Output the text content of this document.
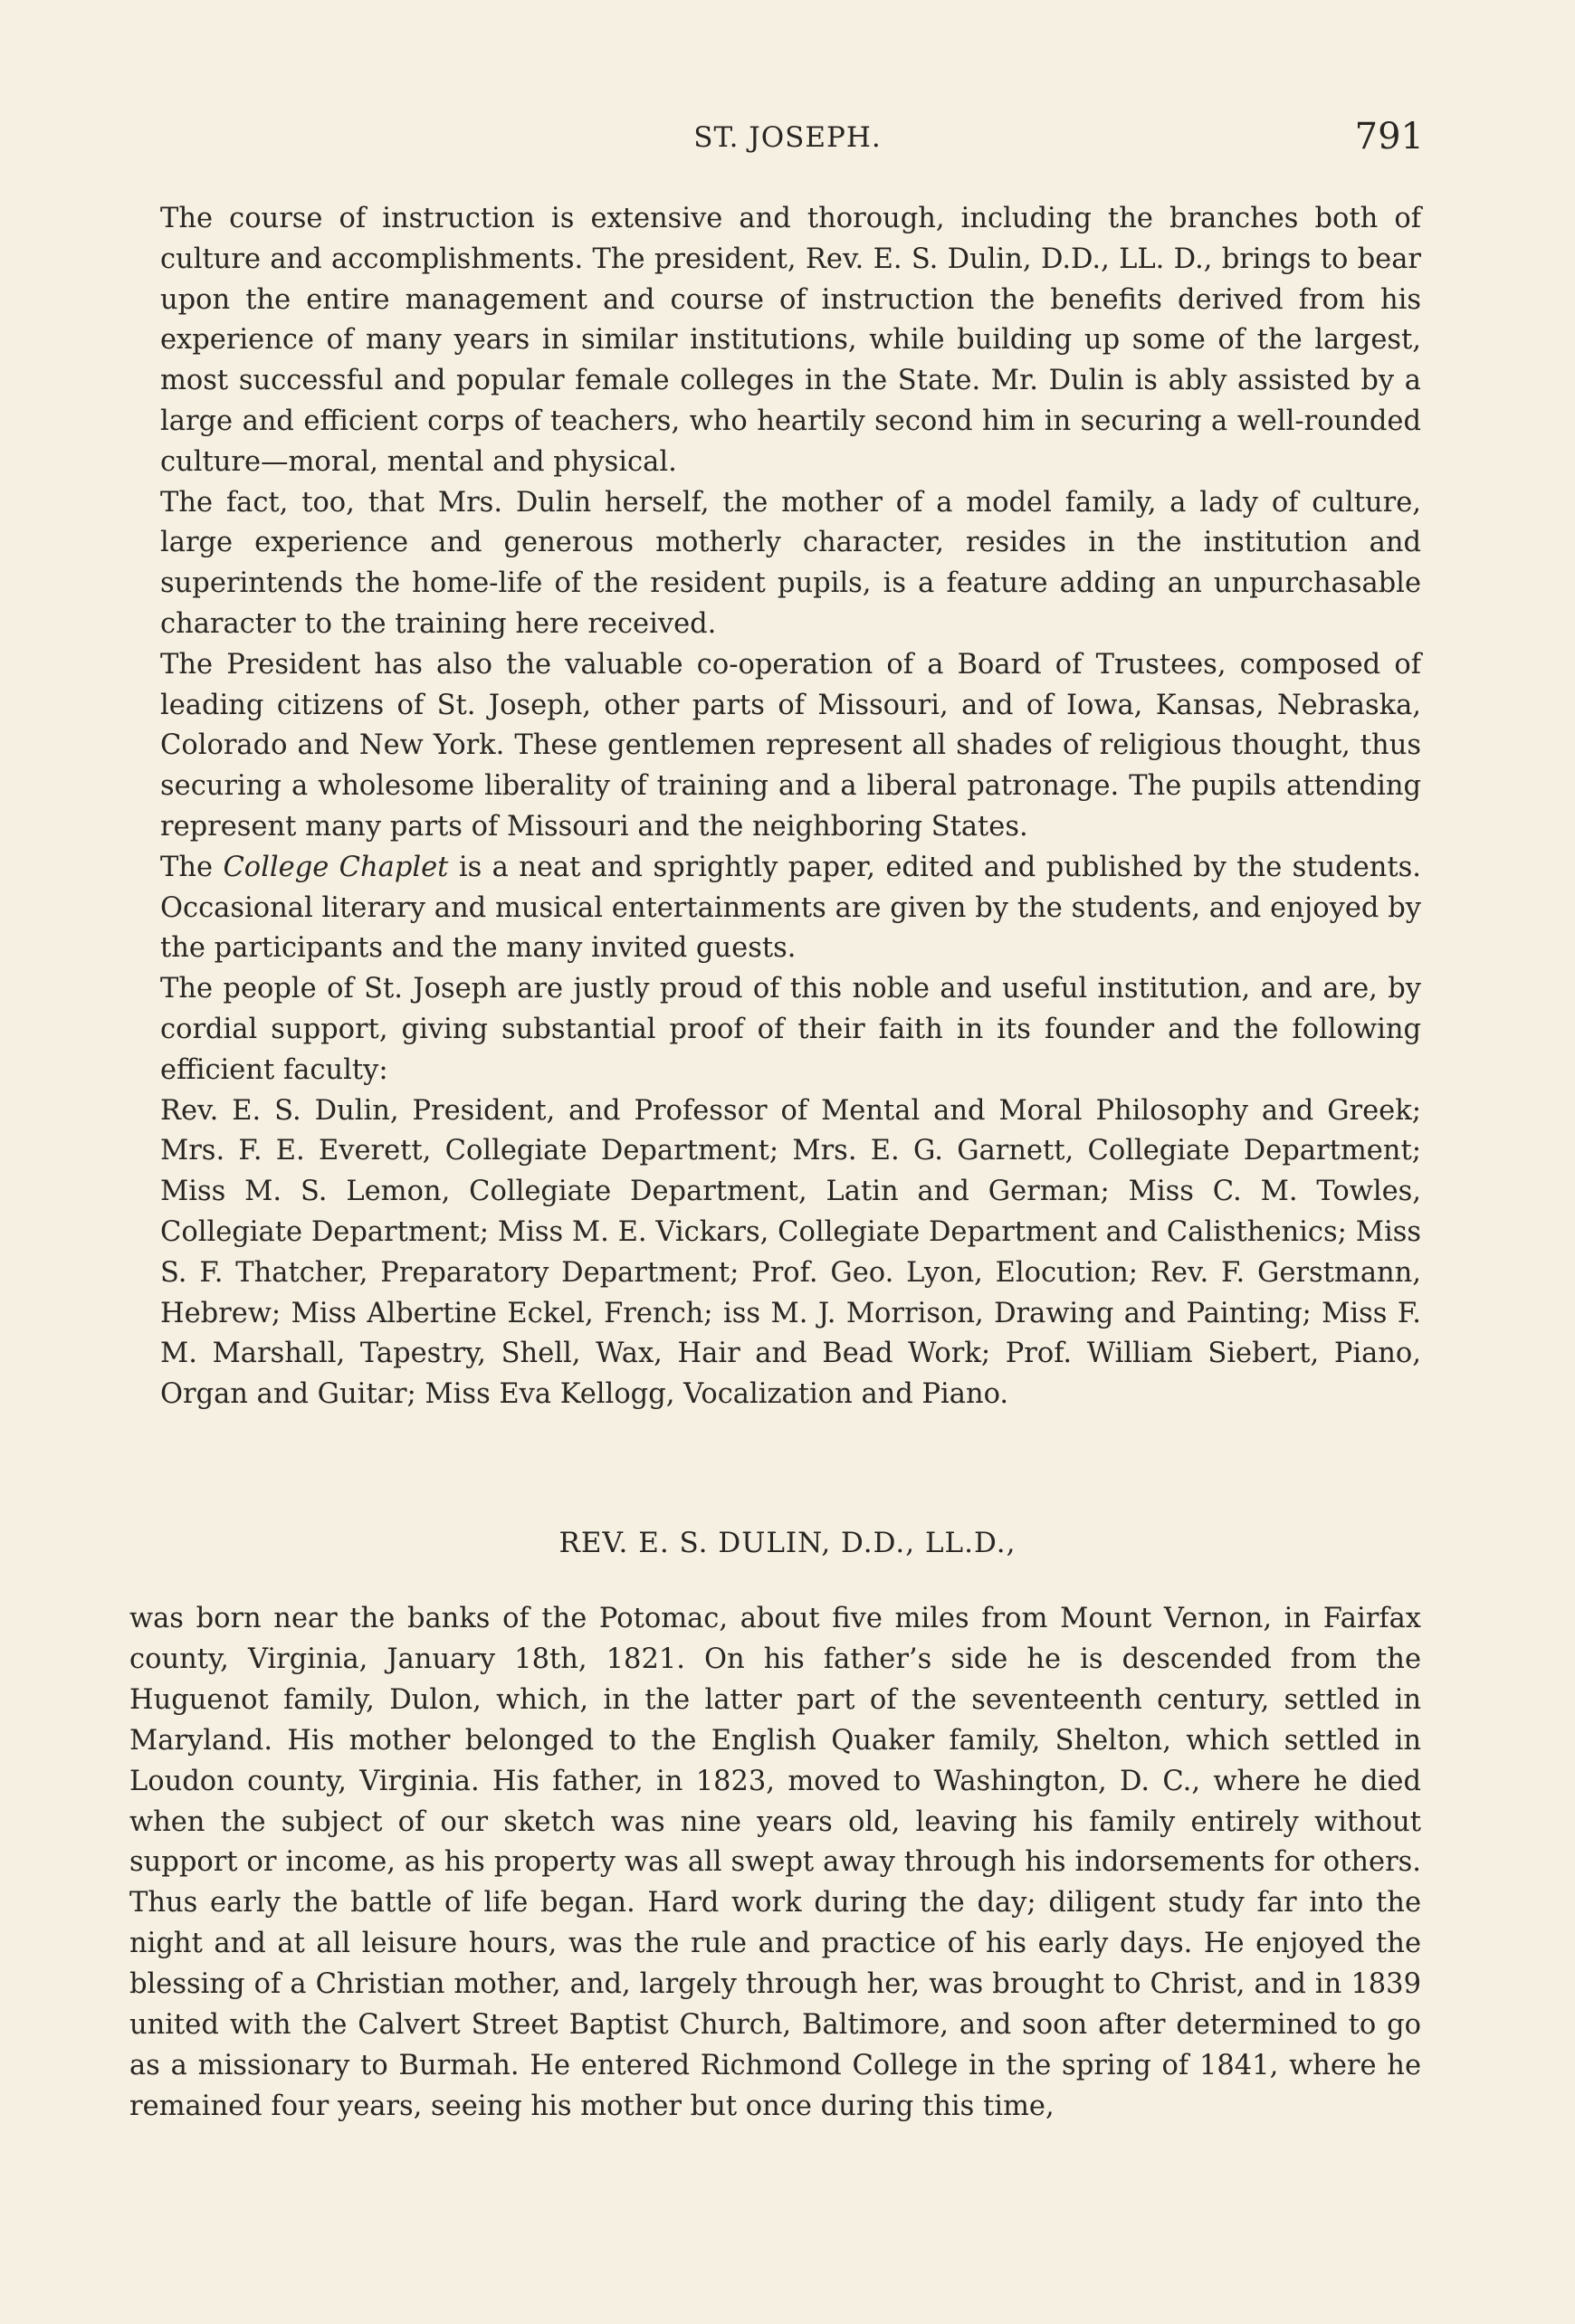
ST. JOSEPH.	791

The course of instruction is extensive and thorough, including the branches both of culture and accomplishments. The president, Rev. E. S. Dulin, D.D., LL. D., brings to bear upon the entire management and course of instruction the benefits derived from his experience of many years in similar institutions, while building up some of the largest, most successful and popular female colleges in the State. Mr. Dulin is ably assisted by a large and efficient corps of teachers, who heartily second him in securing a well-rounded culture—moral, mental and physical.

The fact, too, that Mrs. Dulin herself, the mother of a model family, a lady of culture, large experience and generous motherly character, resides in the institution and superintends the home-life of the resident pupils, is a feature adding an unpurchasable character to the training here received.

The President has also the valuable co-operation of a Board of Trustees, composed of leading citizens of St. Joseph, other parts of Missouri, and of Iowa, Kansas, Nebraska, Colorado and New York. These gentlemen represent all shades of religious thought, thus securing a wholesome liberality of training and a liberal patronage. The pupils attending represent many parts of Missouri and the neighboring States.

The College Chaplet is a neat and sprightly paper, edited and published by the students. Occasional literary and musical entertainments are given by the students, and enjoyed by the participants and the many invited guests.

The people of St. Joseph are justly proud of this noble and useful institution, and are, by cordial support, giving substantial proof of their faith in its founder and the following efficient faculty:

Rev. E. S. Dulin, President, and Professor of Mental and Moral Philosophy and Greek; Mrs. F. E. Everett, Collegiate Department; Mrs. E. G. Garnett, Collegiate Department; Miss M. S. Lemon, Collegiate Department, Latin and German; Miss C. M. Towles, Collegiate Department; Miss M. E. Vickars, Collegiate Department and Calisthenics; Miss S. F. Thatcher, Preparatory Department; Prof. Geo. Lyon, Elocution; Rev. F. Gerstmann, Hebrew; Miss Albertine Eckel, French; iss M. J. Morrison, Drawing and Painting; Miss F. M. Marshall, Tapestry, Shell, Wax, Hair and Bead Work; Prof. William Siebert, Piano, Organ and Guitar; Miss Eva Kellogg, Vocalization and Piano.

REV. E. S. DULIN, D.D., LL.D.,

was born near the banks of the Potomac, about five miles from Mount Vernon, in Fairfax county, Virginia, January 18th, 1821. On his father’s side he is descended from the Huguenot family, Dulon, which, in the latter part of the seventeenth century, settled in Maryland. His mother belonged to the English Quaker family, Shelton, which settled in Loudon county, Virginia. His father, in 1823, moved to Washington, D. C., where he died when the subject of our sketch was nine years old, leaving his family entirely without support or income, as his property was all swept away through his indorsements for others. Thus early the battle of life began. Hard work during the day; diligent study far into the night and at all leisure hours, was the rule and practice of his early days. He enjoyed the blessing of a Christian mother, and, largely through her, was brought to Christ, and in 1839 united with the Calvert Street Baptist Church, Baltimore, and soon after determined to go as a missionary to Burmah. He entered Richmond College in the spring of 1841, where he remained four years, seeing his mother but once during this time,
